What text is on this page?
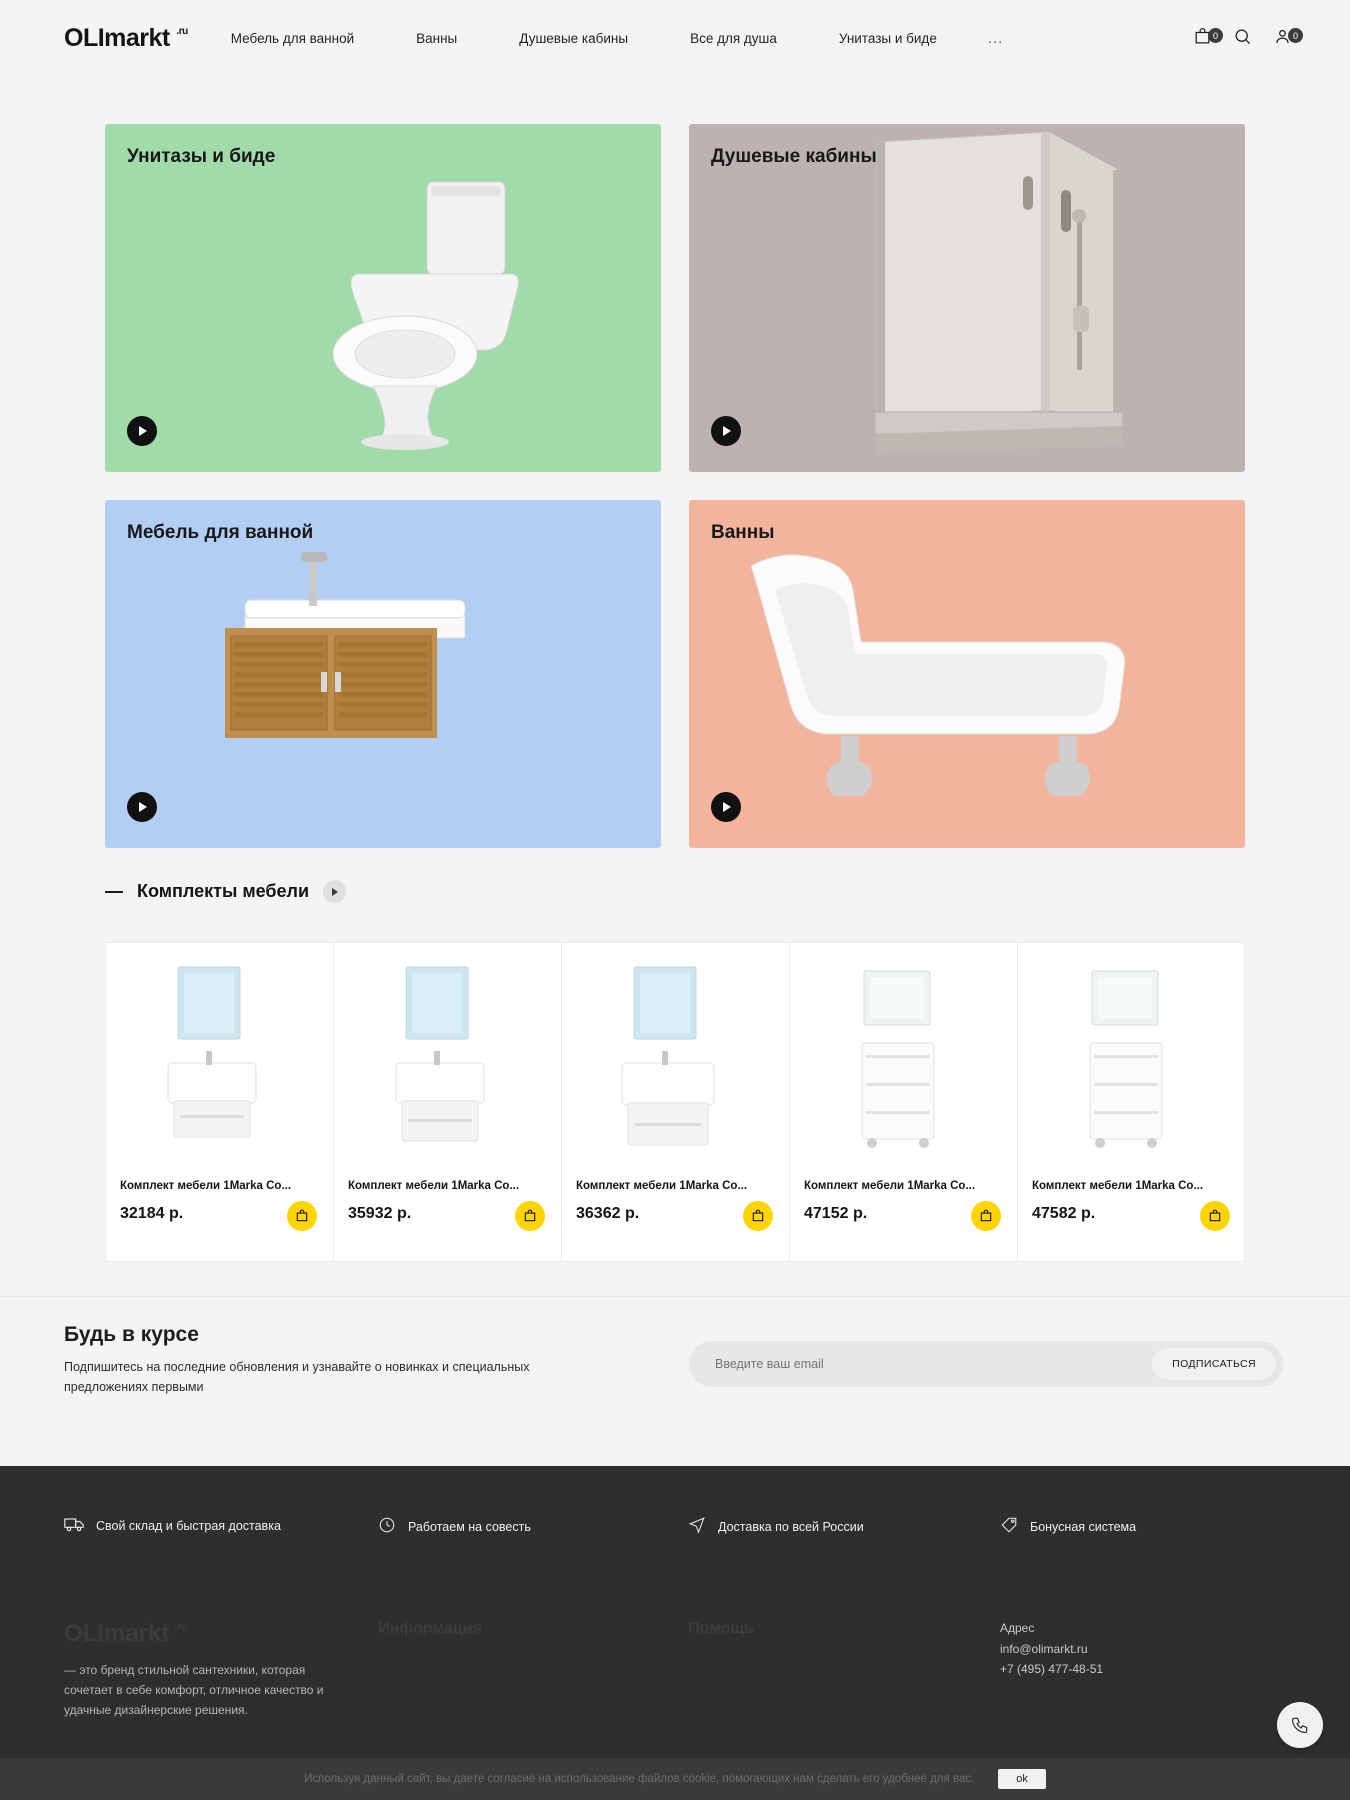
OLImarkt .ru	Мебель для ванной	Ванны	Душевые кабины	Все для душа	Унитазы и биде	...	0	0
Унитазы и биде	Душевые кабины
Мебель для ванной	Ванны
Комплекты мебели
Комплект мебели 1Marka Co...
32184 р.
Комплект мебели 1Marka Co...
35932 р.
Комплект мебели 1Marka Co...
36362 р.
Комплект мебели 1Marka Co...
47152 р.
Комплект мебели 1Marka Co...
47582 р.
Будь в курсе
Подпишитесь на последние обновления и узнавайте о новинках и специальных предложениях первыми
Введите ваш email
ПОДПИСАТЬСЯ
Свой склад и быстрая доставка	Работаем на совесть	Доставка по всей России	Бонусная система
OLImarkt .ru
— это бренд стильной сантехники, которая сочетает в себе комфорт, отличное качество и удачные дизайнерские решения.
Информация	Помощь	Адрес
info@olimarkt.ru
+7 (495) 477-48-51
Используя данный сайт, вы даете согласие на использование файлов cookie, помогающих нам сделать его удобнее для вас.	ok
